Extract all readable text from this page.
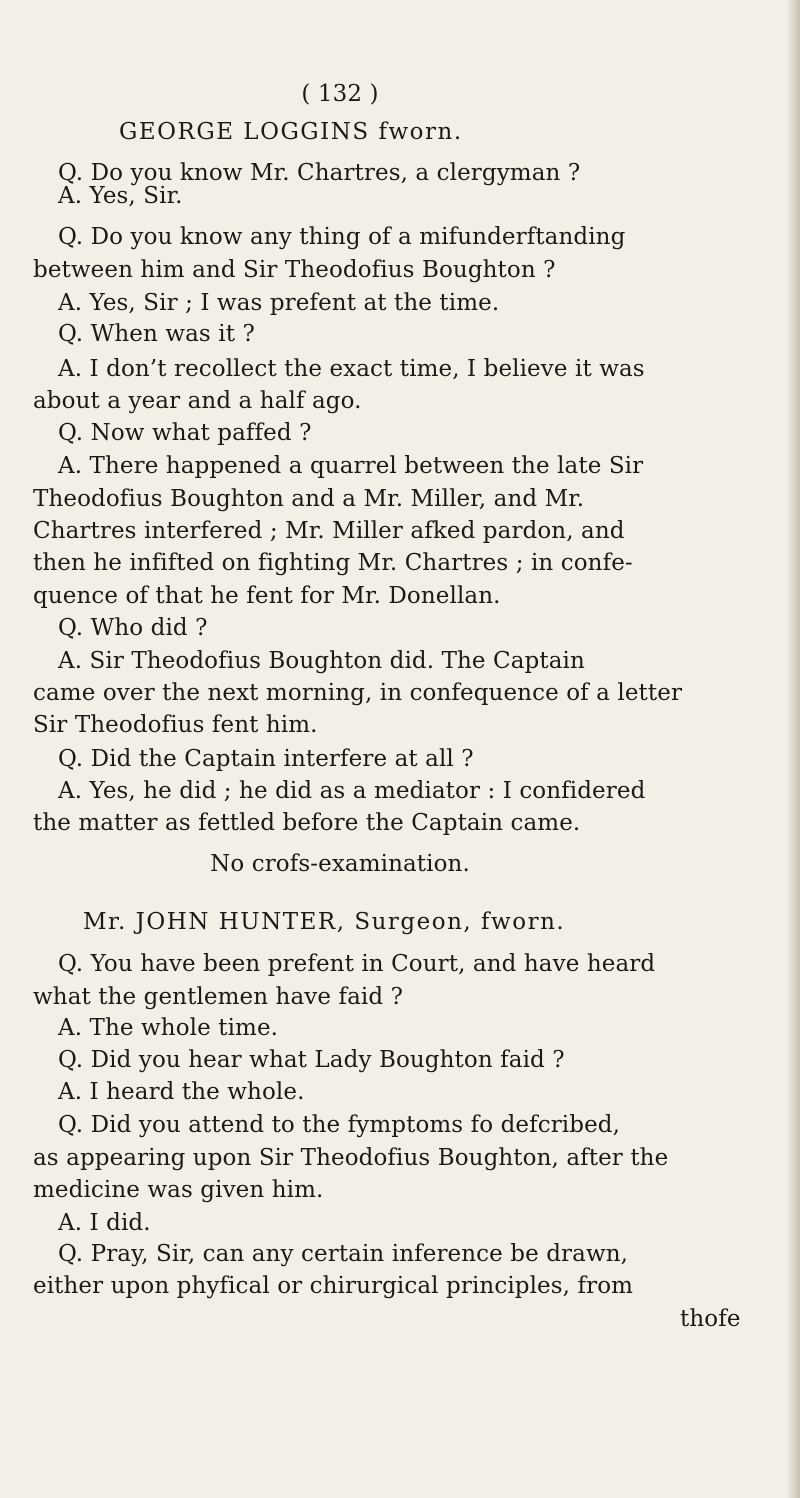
( 132 )
GEORGE LOGGINS fworn.
Q. Do you know Mr. Chartres, a clergyman ?
A. Yes, Sir.
Q. Do you know any thing of a mifunderftanding
between him and Sir Theodofius Boughton ?
A. Yes, Sir ; I was prefent at the time.
Q. When was it ?
A. I don’t recollect the exact time, I believe it was
about a year and a half ago.
Q. Now what paffed ?
A. There happened a quarrel between the late Sir
Theodofius Boughton and a Mr. Miller, and Mr.
Chartres interfered ; Mr. Miller afked pardon, and
then he infifted on fighting Mr. Chartres ; in confe-
quence of that he fent for Mr. Donellan.
Q. Who did ?
A. Sir Theodofius Boughton did. The Captain
came over the next morning, in confequence of a letter
Sir Theodofius fent him.
Q. Did the Captain interfere at all ?
A. Yes, he did ; he did as a mediator : I confidered
the matter as fettled before the Captain came.
No crofs-examination.
Mr. JOHN HUNTER, Surgeon, fworn.
Q. You have been prefent in Court, and have heard
what the gentlemen have faid ?
A. The whole time.
Q. Did you hear what Lady Boughton faid ?
A. I heard the whole.
Q. Did you attend to the fymptoms fo defcribed,
as appearing upon Sir Theodofius Boughton, after the
medicine was given him.
A. I did.
Q. Pray, Sir, can any certain inference be drawn,
either upon phyfical or chirurgical principles, from
thofe
